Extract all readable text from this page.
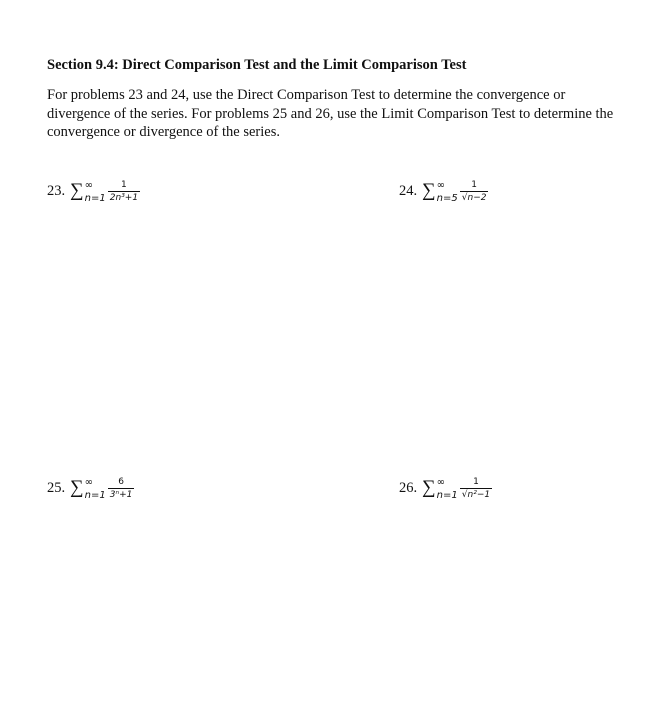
Section 9.4: Direct Comparison Test and the Limit Comparison Test
For problems 23 and 24, use the Direct Comparison Test to determine the convergence or divergence of the series. For problems 25 and 26, use the Limit Comparison Test to determine the convergence or divergence of the series.
23. ∑ ∞
$n=1 \frac{1}{\text{2n³+1}}$	24. ∑ ∞
$n=5 \frac{1}{√n-2}$
25. ∑ ∞
$n=1 \frac{6}{\text{3ⁿ+1}}$	26. ∑ ∞
$n=1 \frac{1}{\text{√n²−1}}$
